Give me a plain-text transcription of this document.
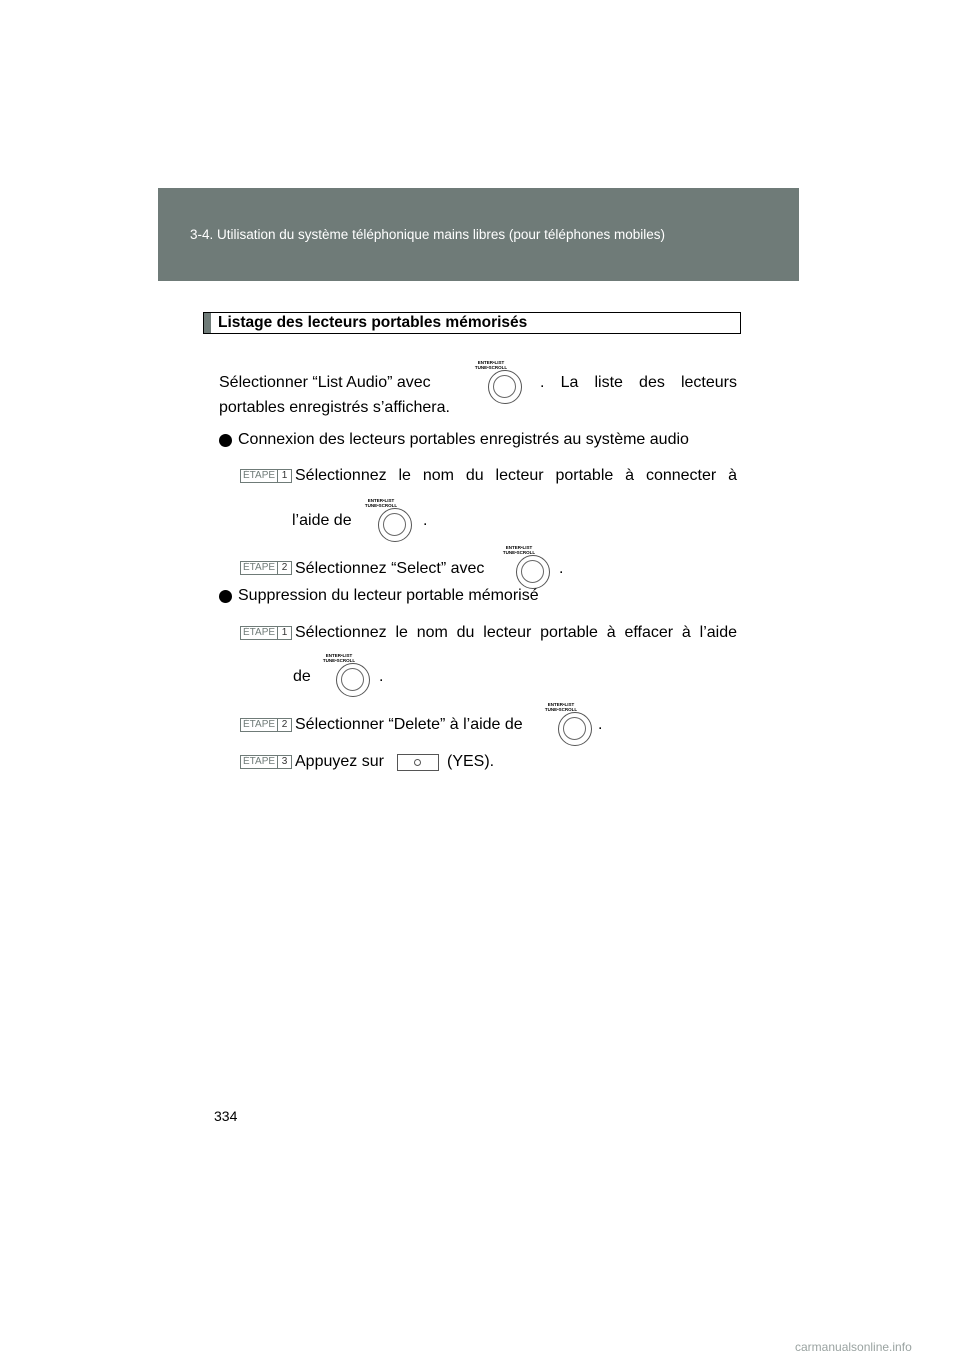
3-4. Utilisation du système téléphonique mains libres (pour téléphones mobiles)
Listage des lecteurs portables mémorisés
Sélectionner “List Audio” avec
ENTER•LIST
TUNE•SCROLL
. La liste des lecteurs
portables enregistrés s’affichera.
Connexion des lecteurs portables enregistrés au système audio
ÉTAPE 1 Sélectionnez le nom du lecteur portable à connecter à
l’aide de
ENTER•LIST
TUNE•SCROLL
.
ÉTAPE 2 Sélectionnez “Select” avec
ENTER•LIST
TUNE•SCROLL
.
Suppression du lecteur portable mémorisé
ÉTAPE 1 Sélectionnez le nom du lecteur portable à effacer à l’aide
de
ENTER•LIST
TUNE•SCROLL
.
ÉTAPE 2 Sélectionner “Delete” à l’aide de
ENTER•LIST
TUNE•SCROLL
.
ÉTAPE 3 Appuyez sur	(YES).
334
carmanualsonline.info
